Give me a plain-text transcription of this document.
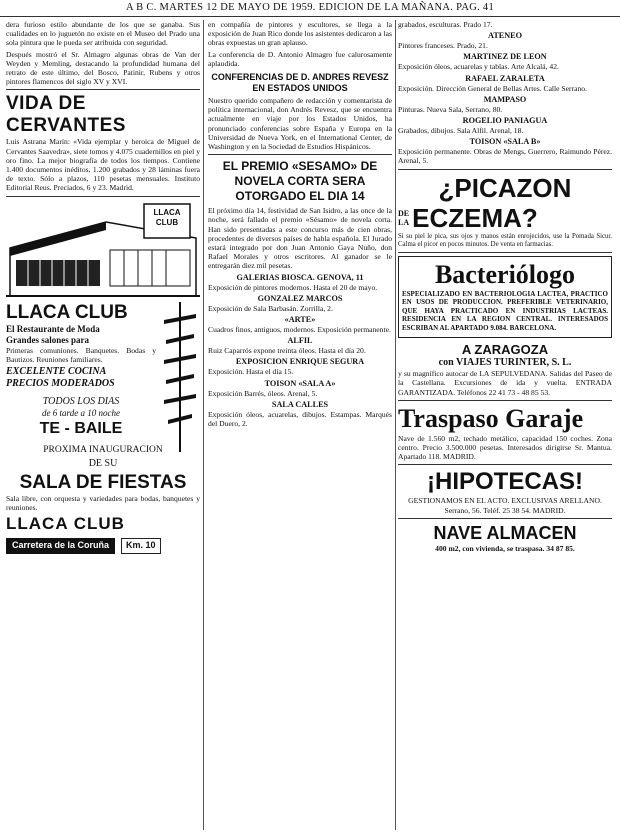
A B C. MARTES 12 DE MAYO DE 1959. EDICION DE LA MAÑANA. PAG. 41

dera furioso estilo abundante de los que se ganaba. Sus cualidades en lo juguetón no existe en el Museo del Prado una sola pintura que le pueda ser atribuida con seguridad.

Después mostró el Sr. Almagro algunas obras de Van der Weyden y Memling, destacando la profundidad humana del retrato de este último, del Bosco, Patinir, Rubens y otros pintores flamencos del siglo XV y XVI.

VIDA DE CERVANTES

Luis Astrana Marín: «Vida ejemplar y heroica de Miguel de Cervantes Saavedra», siete tomos y 4.075 cuadernillos en piel y oro fino. La mejor biografía de todos los tiempos. Contiene 1.400 documentos inéditos, 1.200 grabados y 28 láminas fuera de texto. Sólo a plazos, 110 pesetas mensuales. Instituto Editorial Reus. Preciados, 6 y 23. Madrid.

LLACA CLUB
LLACA CLUB
El Restaurante de Moda
Grandes salones para

Primeras comuniones. Banquetes. Bodas y Bautizos. Reuniones familiares.

EXCELENTE COCINA
PRECIOS MODERADOS
TODOS LOS DIAS
de 6 tarde a 10 noche
TE - BAILE
PROXIMA INAUGURACION
DE SU
SALA DE FIESTAS

Sala libre, con orquesta y variedades para bodas, banquetes y reuniones.

LLACA CLUB
Carretera de la Coruña	Km. 10

en compañía de pintores y escultores, se llega a la exposición de Juan Rico donde los asistentes dedicaron a las obras expuestas un gran aplauso.

La conferencia de D. Antonio Almagro fue calurosamente aplaudida.

CONFERENCIAS DE D. ANDRES REVESZ EN ESTADOS UNIDOS

Nuestro querido compañero de redacción y comentarista de política internacional, don Andrés Revesz, que se encuentra actualmente en viaje por los Estados Unidos, ha pronunciado conferencias sobre España y Europa en la Universidad de Nueva York, en el International Center, de Washington y en la Sociedad de Estudios Hispánicos.

EL PREMIO «SESAMO» DE NOVELA CORTA SERA OTORGADO EL DIA 14

El próximo día 14, festividad de San Isidro, a las once de la noche, será fallado el premio «Sésamo» de novela corta. Han sido presentadas a este concurso más de cien obras, procedentes de diversos países de habla española. El Jurado estará integrado por don Juan Antonio Gaya Nuño, don Rafael Morales y otros escritores. Al ganador se le entregarán diez mil pesetas.

GALERIAS BIOSCA. GENOVA, 11

Exposición de pintores modernos. Hasta el 20 de mayo.

GONZALEZ MARCOS

Exposición de Sala Barbasán. Zorrilla, 2.

«ARTE»

Cuadros finos, antiguos, modernos. Exposición permanente.

ALFIL

Ruiz Caparrós expone treinta óleos. Hasta el día 20.

EXPOSICION ENRIQUE SEGURA

Exposición. Hasta el día 15.

TOISON «SALA A»

Exposición Barrés, óleos. Arenal, 5.

SALA CALLES

Exposición óleos, acuarelas, dibujos. Estampas. Marqués del Duero, 2.

grabados, esculturas. Prado 17.

ATENEO

Pintores franceses. Prado, 21.

MARTINEZ DE LEON

Exposición óleos, acuarelas y tablas. Arte Alcalá, 42.

RAFAEL ZARALETA

Exposición. Dirección General de Bellas Artes. Calle Serrano.

MAMPASO

Pinturas. Nueva Sala, Serrano, 80.

ROGELIO PANIAGUA

Grabados, dibujos. Sala Alfil. Arenal, 18.

TOISON «SALA B»

Exposición permanente. Obras de Mengs, Guerrero, Raimundo Pérez. Arenal, 5.

¿PICAZON
DE
LA ECZEMA?

Si su piel le pica, sus ojos y manos están enrojecidos, use la Pomada Sicur. Calma el picor en pocos minutos. De venta en farmacias.

Bacteriólogo

ESPECIALIZADO EN BACTERIOLOGIA LACTEA, PRACTICO EN USOS DE PRODUCCION. PREFERIBLE VETERINARIO, QUE HAYA PRACTICADO EN INDUSTRIAS LACTEAS. RESIDENCIA EN LA REGION CENTRAL. INTERESADOS ESCRIBAN AL APARTADO 9.084. BARCELONA.

A ZARAGOZA
con VIAJES TURINTER, S. L.

y su magnífico autocar de LA SEPULVEDANA. Salidas del Paseo de la Castellana. Excursiones de ida y vuelta. ENTRADA GARANTIZADA. Teléfonos 22 41 73 - 48 85 53.

Traspaso Garaje

Nave de 1.560 m2, techado metálico, capacidad 150 coches. Zona centro. Precio 3.500.000 pesetas. Interesados dirigirse Sr. Mantua. Apartado 118. MADRID.

¡HIPOTECAS!

GESTIONAMOS EN EL ACTO. EXCLUSIVAS ARELLANO. Serrano, 56. Teléf. 25 38 54. MADRID.

NAVE ALMACEN

400 m2, con vivienda, se traspasa. 34 87 85.
